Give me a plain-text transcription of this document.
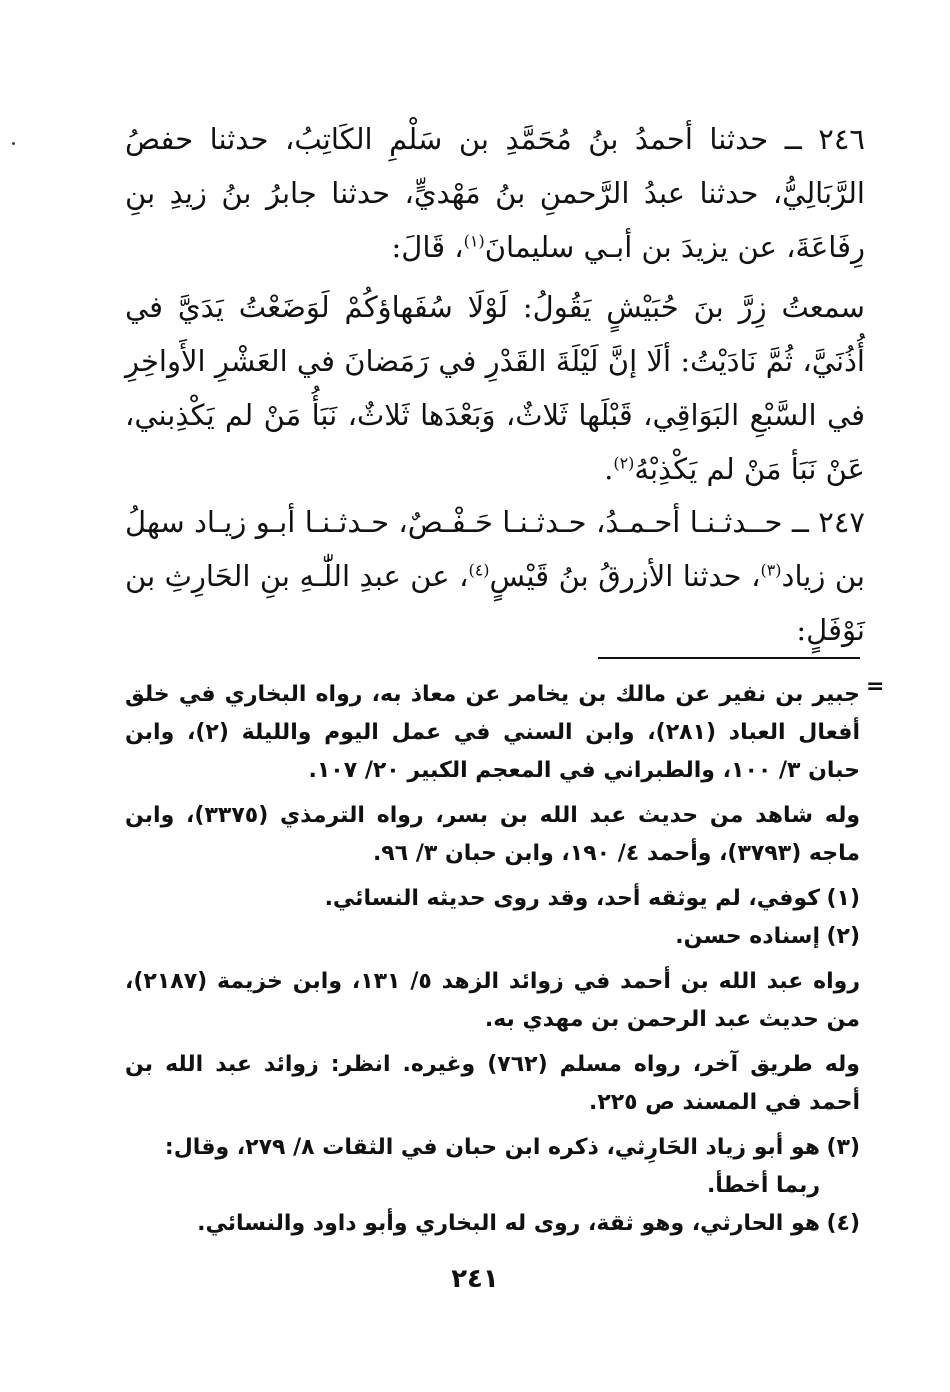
٢٤٦ ــ حدثنا أحمدُ بنُ مُحَمَّدِ بن سَلْمِ الكَاتِبُ، حدثنا حفصُ الرَّبَالِيُّ، حدثنا عبدُ الرَّحمنِ بنُ مَهْديٍّ، حدثنا جابرُ بنُ زيدِ بنِ رِفَاعَةَ، عن يزيدَ بن أبـي سليمانَ$^{(١)}$، قَالَ:

سمعتُ زِرَّ بنَ حُبَيْشٍ يَقُولُ: لَوْلَا سُفَهاؤكُمْ لَوَضَعْتُ يَدَيَّ في أُذُنَيَّ، ثُمَّ نَادَيْتُ: ألَا إنَّ لَيْلَةَ القَدْرِ في رَمَضانَ في العَشْرِ الأَواخِرِ في السَّبْعِ البَوَاقِي، قَبْلَها ثَلاثٌ، وَبَعْدَها ثَلاثٌ، نَبَأُ مَنْ لم يَكْذِبني، عَنْ نَبَأ مَنْ لم يَكْذِبْهُ$^{(٢)}$.

٢٤٧ ــ حــدثـنـا أحـمـدُ، حـدثـنـا حَـفْـصٌ، حـدثـنـا أبـو زيـاد سهلُ بن زياد$^{(٣)}$، حدثنا الأزرقُ بنُ قَيْسٍ$^{(٤)}$، عن عبدِ اللّٰـهِ بنِ الحَارِثِ بن نَوْفَلٍ:

=

جبير بن نفير عن مالك بن يخامر عن معاذ به، رواه البخاري في خلق أفعال العباد (٢٨١)، وابن السني في عمل اليوم والليلة (٢)، وابن حبان ٣/ ١٠٠، والطبراني في المعجم الكبير ٢٠/ ١٠٧.

وله شاهد من حديث عبد الله بن بسر، رواه الترمذي (٣٣٧٥)، وابن ماجه (٣٧٩٣)، وأحمد ٤/ ١٩٠، وابن حبان ٣/ ٩٦.

(١)
كوفي، لم يوثقه أحد، وقد روى حديثه النسائي.
(٢)
إسناده حسن.

رواه عبد الله بن أحمد في زوائد الزهد ٥/ ١٣١، وابن خزيمة (٢١٨٧)، من حديث عبد الرحمن بن مهدي به.

وله طريق آخر، رواه مسلم (٧٦٢) وغيره. انظر: زوائد عبد الله بن أحمد في المسند ص ٢٢٥.

(٣)
هو أبو زياد الحَارِثي، ذكره ابن حبان في الثقات ٨/ ٢٧٩، وقال: ربما أخطأ.
(٤)
هو الحارثي، وهو ثقة، روى له البخاري وأبو داود والنسائي.
٢٤١
